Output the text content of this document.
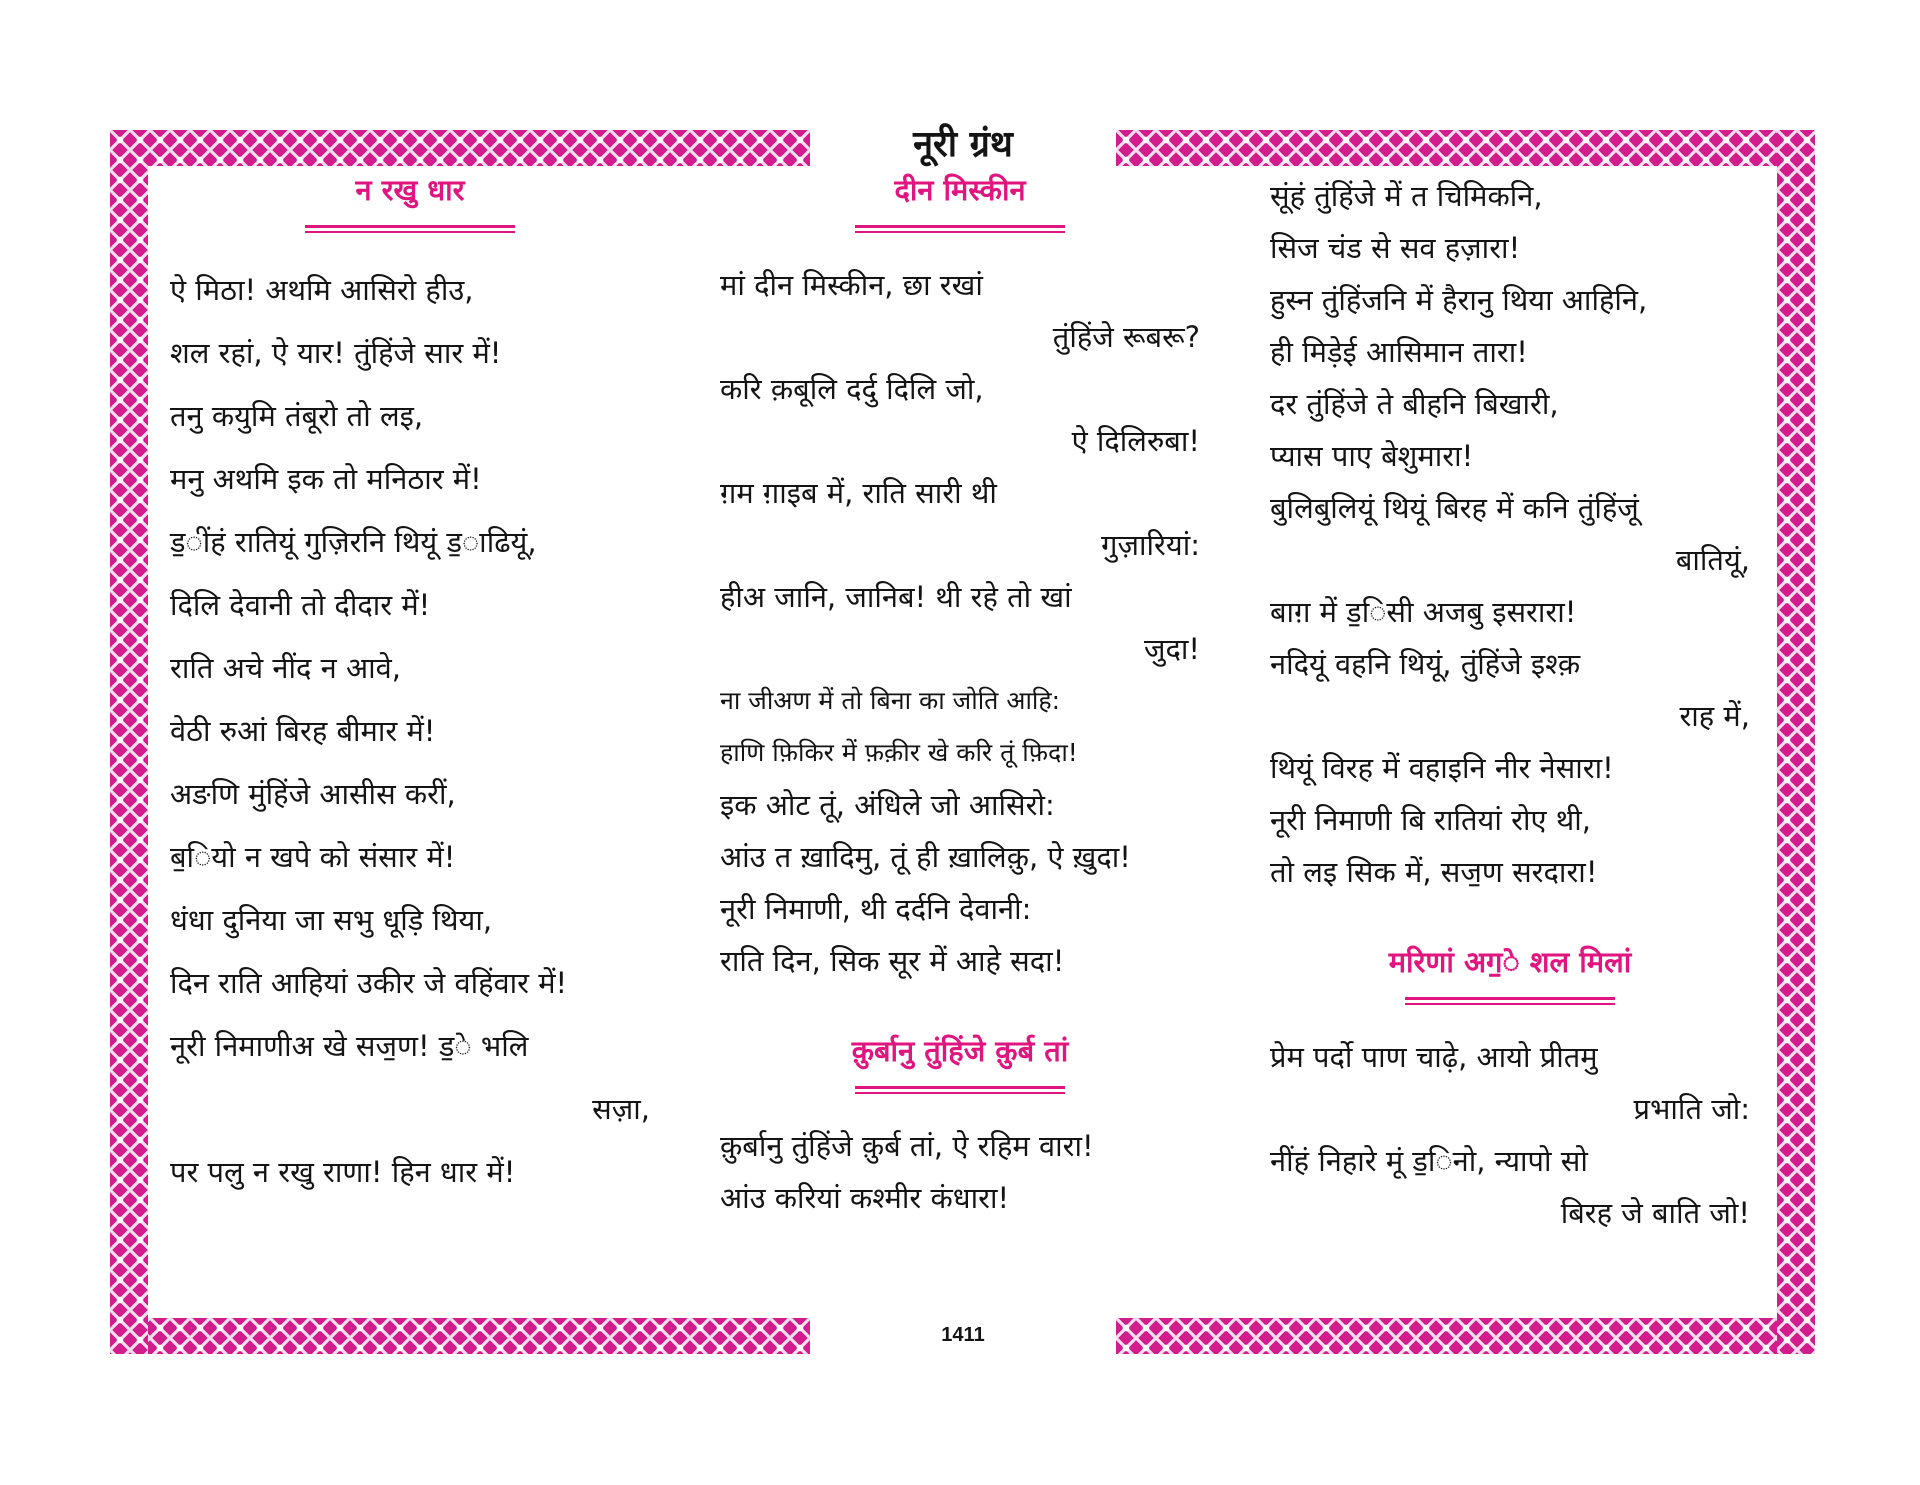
नूरी ग्रंथ
न रखु धार
ऐ मिठा! अथमि आसिरो हीउ,
शल रहां, ऐ यार! तुंहिंजे सार में!
तनु कयुमि तंबूरो तो लइ,
मनु अथमि इक तो मनिठार में!
ड॒ींहं रातियूं गुज़िरनि थियूं ड॒ाढियूं,
दिलि देवानी तो दीदार में!
राति अचे नींद न आवे,
वेठी रुआं बिरह बीमार में!
अङणि मुंहिंजे आसीस करीं,
ब॒ियो न खपे को संसार में!
धंधा दुनिया जा सभु धूड़ि थिया,
दिन राति आहियां उकीर जे वहिंवार में!
नूरी निमाणीअ खे सज॒ण! ड॒े भलि
सज़ा,
पर पलु न रखु राणा! हिन धार में!
दीन मिस्कीन
मां दीन मिस्कीन, छा रखां
तुंहिंजे रूबरू?
करि क़बूलि दर्दु दिलि जो,
ऐ दिलिरुबा!
ग़म ग़ाइब में, राति सारी थी
गुज़ारियां:
हीअ जानि, जानिब! थी रहे तो खां
जुदा!
ना जीअण में तो बिना का जोति आहि:
हाणि फ़िकिर में फ़क़ीर खे करि तूं फ़िदा!
इक ओट तूं, अंधिले जो आसिरो:
आंउ त ख़ादिमु, तूं ही ख़ालिक़ु, ऐ ख़ुदा!
नूरी निमाणी, थी दर्दनि देवानी:
राति दिन, सिक सूर में आहे सदा!
क़ुर्बानु तुंहिंजे क़ुर्ब तां
क़ुर्बानु तुंहिंजे क़ुर्ब तां, ऐ रहिम वारा!
आंउ करियां कश्मीर कंधारा!
सूंहं तुंहिंजे में त चिमिकनि,
सिज चंड से सव हज़ारा!
हुस्न तुंहिंजनि में हैरानु थिया आहिनि,
ही मिड़ेई आसिमान तारा!
दर तुंहिंजे ते बीहनि बिखारी,
प्यास पाए बेशुमारा!
बुलिबुलियूं थियूं बिरह में कनि तुंहिंजूं
बातियूं,
बाग़ में ड॒िसी अजबु इसरारा!
नदियूं वहनि थियूं, तुंहिंजे इश्क़
राह में,
थियूं विरह में वहाइनि नीर नेसारा!
नूरी निमाणी बि रातियां रोए थी,
तो लइ सिक में, सज॒ण सरदारा!
मरिणां अग॒े शल मिलां
प्रेम पर्दो पाण चाढ़े, आयो प्रीतमु
प्रभाति जो:
नींहं निहारे मूं ड॒िनो, न्यापो सो
बिरह जे बाति जो!
1411
